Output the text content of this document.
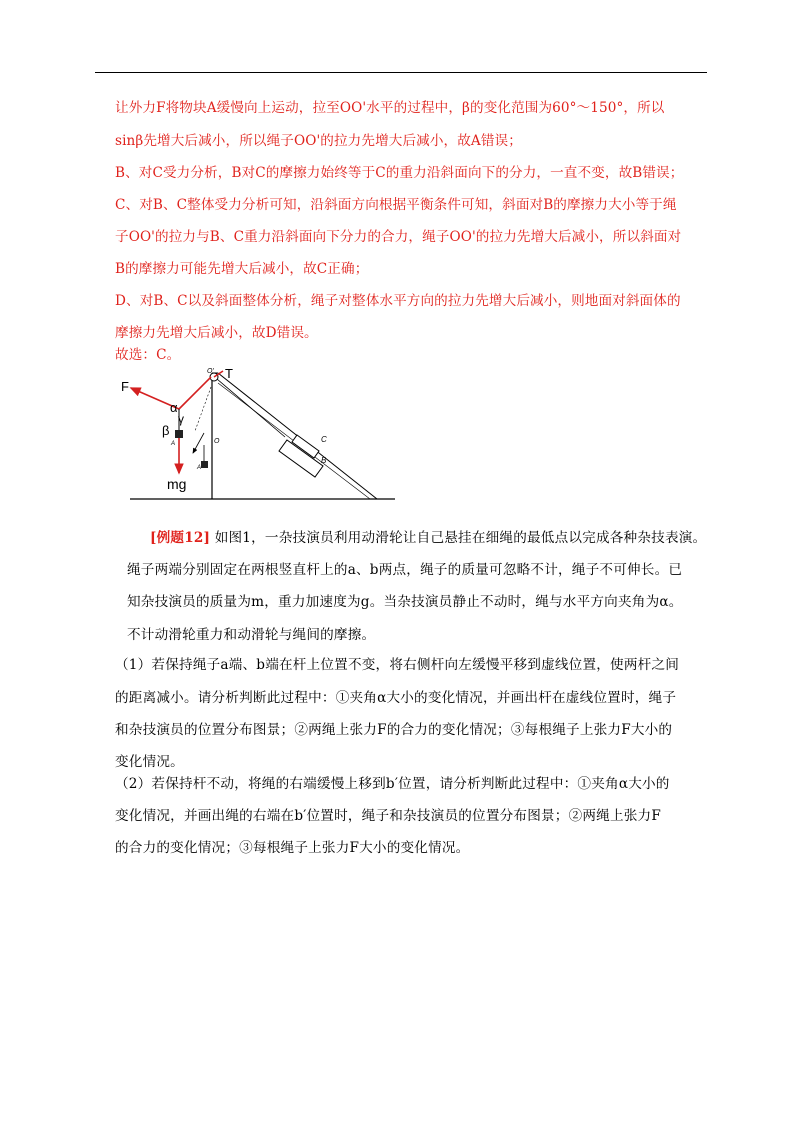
让外力F将物块A缓慢向上运动，拉至OO'水平的过程中，β的变化范围为60°～150°，所以
sinβ先增大后减小，所以绳子OO'的拉力先增大后减小，故A错误；
B、对C受力分析，B对C的摩擦力始终等于C的重力沿斜面向下的分力，一直不变，故B错误；
C、对B、C整体受力分析可知，沿斜面方向根据平衡条件可知，斜面对B的摩擦力大小等于绳
子OO'的拉力与B、C重力沿斜面向下分力的合力，绳子OO'的拉力先增大后减小，所以斜面对
B的摩擦力可能先增大后减小，故C正确；
D、对B、C以及斜面整体分析，绳子对整体水平方向的拉力先增大后减小，则地面对斜面体的
摩擦力先增大后减小，故D错误。
故选：C。
F
T
α
γ
β
mg
O'
O
A
A
C
B
[例题12] 如图1，一杂技演员利用动滑轮让自己悬挂在细绳的最低点以完成各种杂技表演。
绳子两端分别固定在两根竖直杆上的a、b两点，绳子的质量可忽略不计，绳子不可伸长。已
知杂技演员的质量为m，重力加速度为g。当杂技演员静止不动时，绳与水平方向夹角为α。
不计动滑轮重力和动滑轮与绳间的摩擦。
（1）若保持绳子a端、b端在杆上位置不变，将右侧杆向左缓慢平移到虚线位置，使两杆之间
的距离减小。请分析判断此过程中：①夹角α大小的变化情况，并画出杆在虚线位置时，绳子
和杂技演员的位置分布图景；②两绳上张力F的合力的变化情况；③每根绳子上张力F大小的
变化情况。
（2）若保持杆不动，将绳的右端缓慢上移到b′位置，请分析判断此过程中：①夹角α大小的
变化情况，并画出绳的右端在b′位置时，绳子和杂技演员的位置分布图景；②两绳上张力F
的合力的变化情况；③每根绳子上张力F大小的变化情况。
